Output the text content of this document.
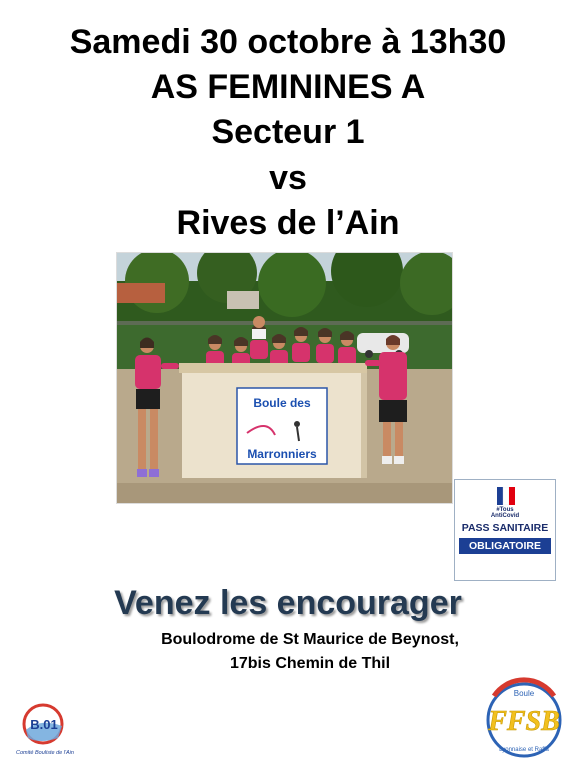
Samedi 30 octobre à 13h30
AS FEMININES A
Secteur 1
vs
Rives de l’Ain
Boule des
Marronniers
#Tous
AntiCovid
PASS SANITAIRE
OBLIGATOIRE
Venez les encourager
Boulodrome de St Maurice de Beynost,
17bis Chemin de Thil
B.01
Comité Bouliste de l'Ain
Boule
FFSB
Lyonnaise et Raffa
